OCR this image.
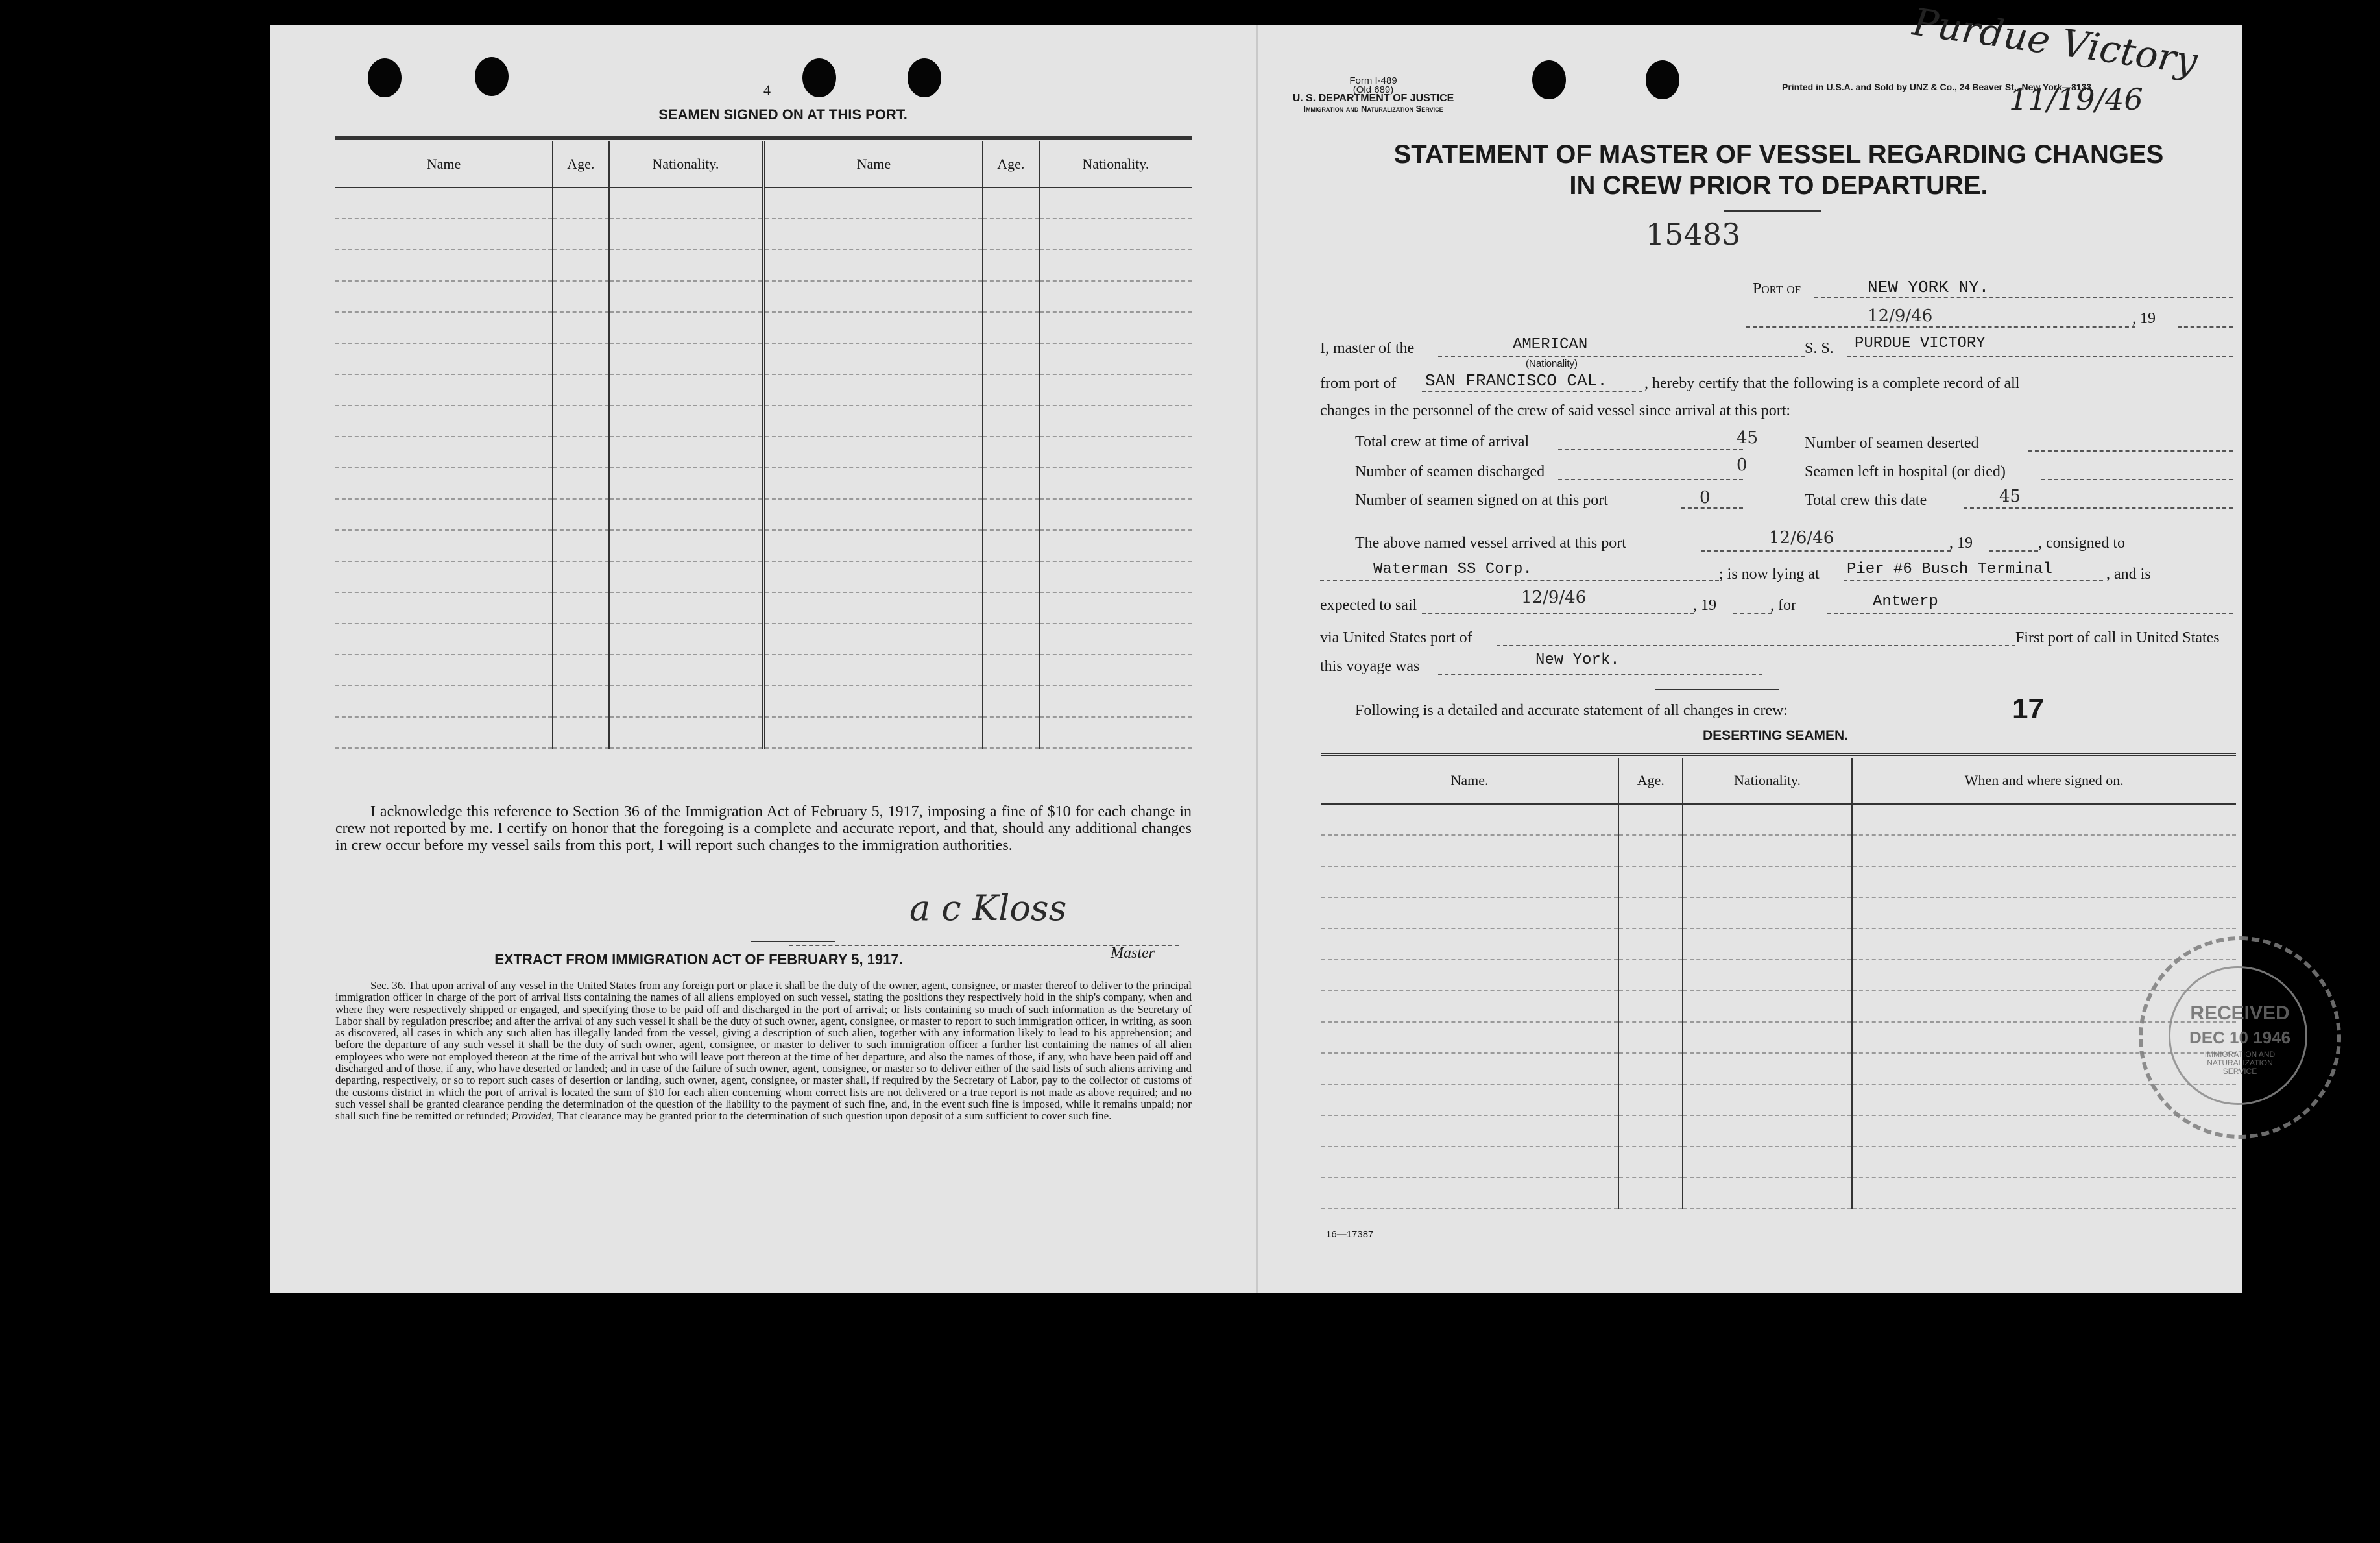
4
SEAMEN SIGNED ON AT THIS PORT.
Name	Age.	Nationality.	Name	Age.	Nationality.

I acknowledge this reference to Section 36 of the Immigration Act of February 5, 1917, imposing a fine of $10 for each change in crew not reported by me. I certify on honor that the foregoing is a complete and accurate report, and that, should any additional changes in crew occur before my vessel sails from this port, I will report such changes to the immigration authorities.
a c Kloss
Master
EXTRACT FROM IMMIGRATION ACT OF FEBRUARY 5, 1917.
Sec. 36. That upon arrival of any vessel in the United States from any foreign port or place it shall be the duty of the owner, agent, consignee, or master thereof to deliver to the principal immigration officer in charge of the port of arrival lists containing the names of all aliens employed on such vessel, stating the positions they respectively hold in the ship's company, when and where they were respectively shipped or engaged, and specifying those to be paid off and discharged in the port of arrival; or lists containing so much of such information as the Secretary of Labor shall by regulation prescribe; and after the arrival of any such vessel it shall be the duty of such owner, agent, consignee, or master to report to such immigration officer, in writing, as soon as discovered, all cases in which any such alien has illegally landed from the vessel, giving a description of such alien, together with any information likely to lead to his apprehension; and before the departure of any such vessel it shall be the duty of such owner, agent, consignee, or master to deliver to such immigration officer a further list containing the names of all alien employees who were not employed thereon at the time of the arrival but who will leave port thereon at the time of her departure, and also the names of those, if any, who have been paid off and discharged and of those, if any, who have deserted or landed; and in case of the failure of such owner, agent, consignee, or master so to deliver either of the said lists of such aliens arriving and departing, respectively, or so to report such cases of desertion or landing, such owner, agent, consignee, or master shall, if required by the Secretary of Labor, pay to the collector of customs of the customs district in which the port of arrival is located the sum of $10 for each alien concerning whom correct lists are not delivered or a true report is not made as above required; and no such vessel shall be granted clearance pending the determination of the question of the liability to the payment of such fine, and, in the event such fine is imposed, while it remains unpaid; nor shall such fine be remitted or refunded; Provided, That clearance may be granted prior to the determination of such question upon deposit of a sum sufficient to cover such fine.
Form I-489
(Old 689)
U. S. DEPARTMENT OF JUSTICE
Immigration and Naturalization Service
Printed in U.S.A. and Sold by UNZ & Co., 24 Beaver St., New York—8133
Purdue Victory
11/19/46
STATEMENT OF MASTER OF VESSEL REGARDING CHANGES
IN CREW PRIOR TO DEPARTURE.
15483
Port of	NEW YORK NY.
12/9/46	, 19
I, master of the	AMERICAN
(Nationality)
S. S. PURDUE VICTORY
from port of SAN FRANCISCO CAL. , hereby certify that the following is a complete record of all
changes in the personnel of the crew of said vessel since arrival at this port:
Total crew at time of arrival	45	Number of seamen deserted
Number of seamen discharged	0	Seamen left in hospital (or died)
Number of seamen signed on at this port	0	Total crew this date	45
The above named vessel arrived at this port	12/6/46	, 19	, consigned to
Waterman SS Corp.	; is now lying at Pier #6 Busch Terminal	, and is
expected to sail	12/9/46	, 19	, for	Antwerp
via United States port of	First port of call in United States
this voyage was	New York.
Following is a detailed and accurate statement of all changes in crew:	17
DESERTING SEAMEN.
Name.	Age.	Nationality.	When and where signed on.

RECEIVED
DEC 10 1946
IMMIGRATION AND NATURALIZATION SERVICE
16—17387
